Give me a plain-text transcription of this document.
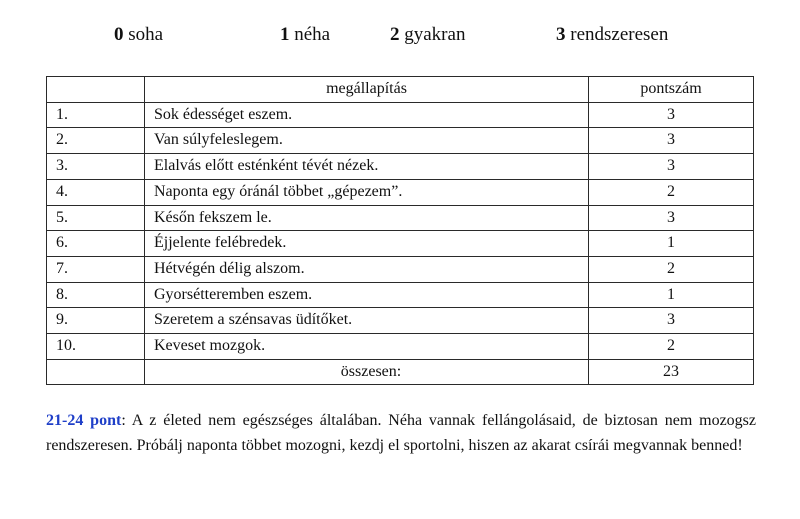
0 soha	1 néha	2 gyakran	3 rendszeresen
	megállapítás	pontszám
1.	Sok édességet eszem.	3
2.	Van súlyfeleslegem.	3
3.	Elalvás előtt esténként tévét nézek.	3
4.	Naponta egy óránál többet „gépezem”.	2
5.	Későn fekszem le.	3
6.	Éjjelente felébredek.	1
7.	Hétvégén délig alszom.	2
8.	Gyorsétteremben eszem.	1
9.	Szeretem a szénsavas üdítőket.	3
10.	Keveset mozgok.	2
	összesen:	23
21-24 pont: A z életed nem egészséges általában. Néha vannak fellángolásaid, de biztosan nem mozogsz rendszeresen. Próbálj naponta többet mozogni, kezdj el sportolni, hiszen az akarat csírái megvannak benned!
